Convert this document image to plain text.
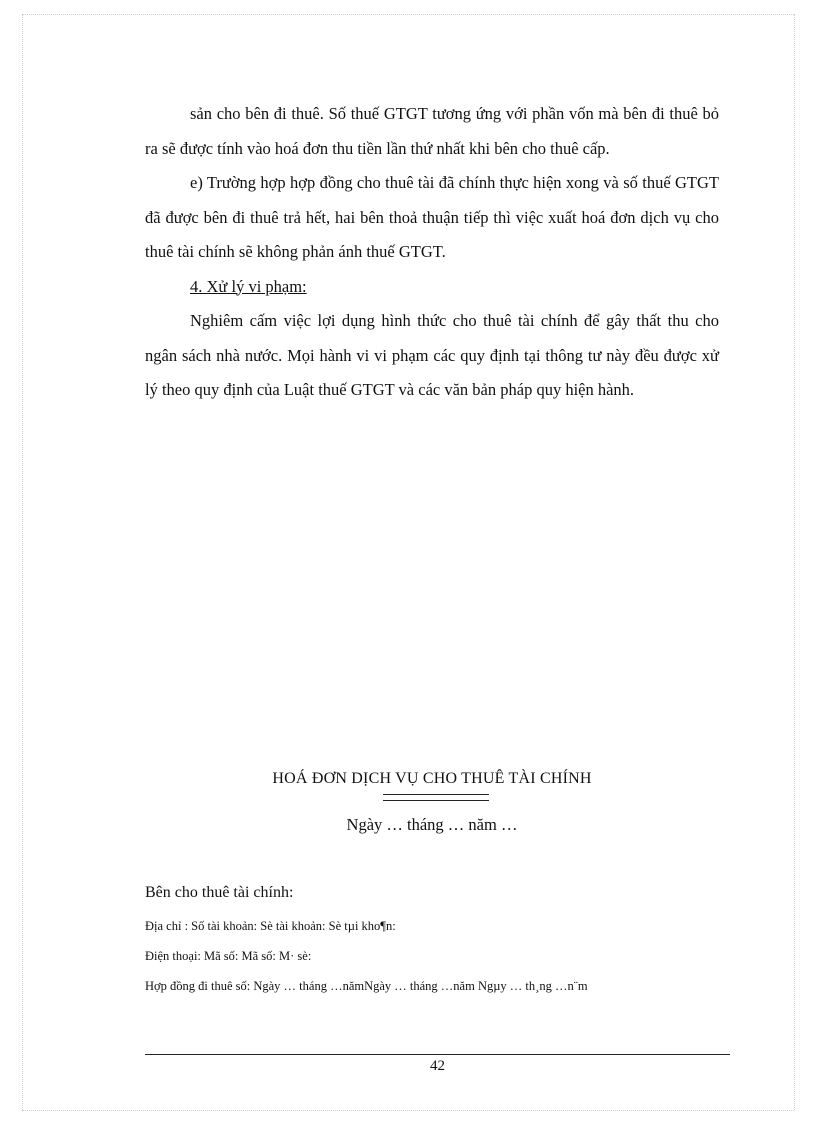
sản cho bên đi thuê. Số thuế GTGT tương ứng với phần vốn mà bên đi thuê bỏ ra sẽ được tính vào hoá đơn thu tiền lần thứ nhất khi bên cho thuê cấp.

e) Trường hợp hợp đồng cho thuê tài đã chính thực hiện xong và số thuế GTGT đã được bên đi thuê trả hết, hai bên thoả thuận tiếp thì việc xuất hoá đơn dịch vụ cho thuê tài chính sẽ không phản ánh thuế GTGT.

4. Xử lý vi phạm:

Nghiêm cấm việc lợi dụng hình thức cho thuê tài chính để gây thất thu cho ngân sách nhà nước. Mọi hành vi vi phạm các quy định tại thông tư này đều được xử lý theo quy định của Luật thuế GTGT và các văn bản pháp quy hiện hành.

HOÁ ĐƠN DỊCH VỤ CHO THUÊ TÀI CHÍNH
Ngày … tháng … năm …
Bên cho thuê tài chính:
Địa chỉ : Số tài khoản: Sè tài khoản: Sè tµi kho¶n:
Điện thoại: Mã số: Mã số: M· sè:
Hợp đồng đi thuê số: Ngày … tháng …nămNgày … tháng …năm Ngµy … th¸ng …n¨m
42
